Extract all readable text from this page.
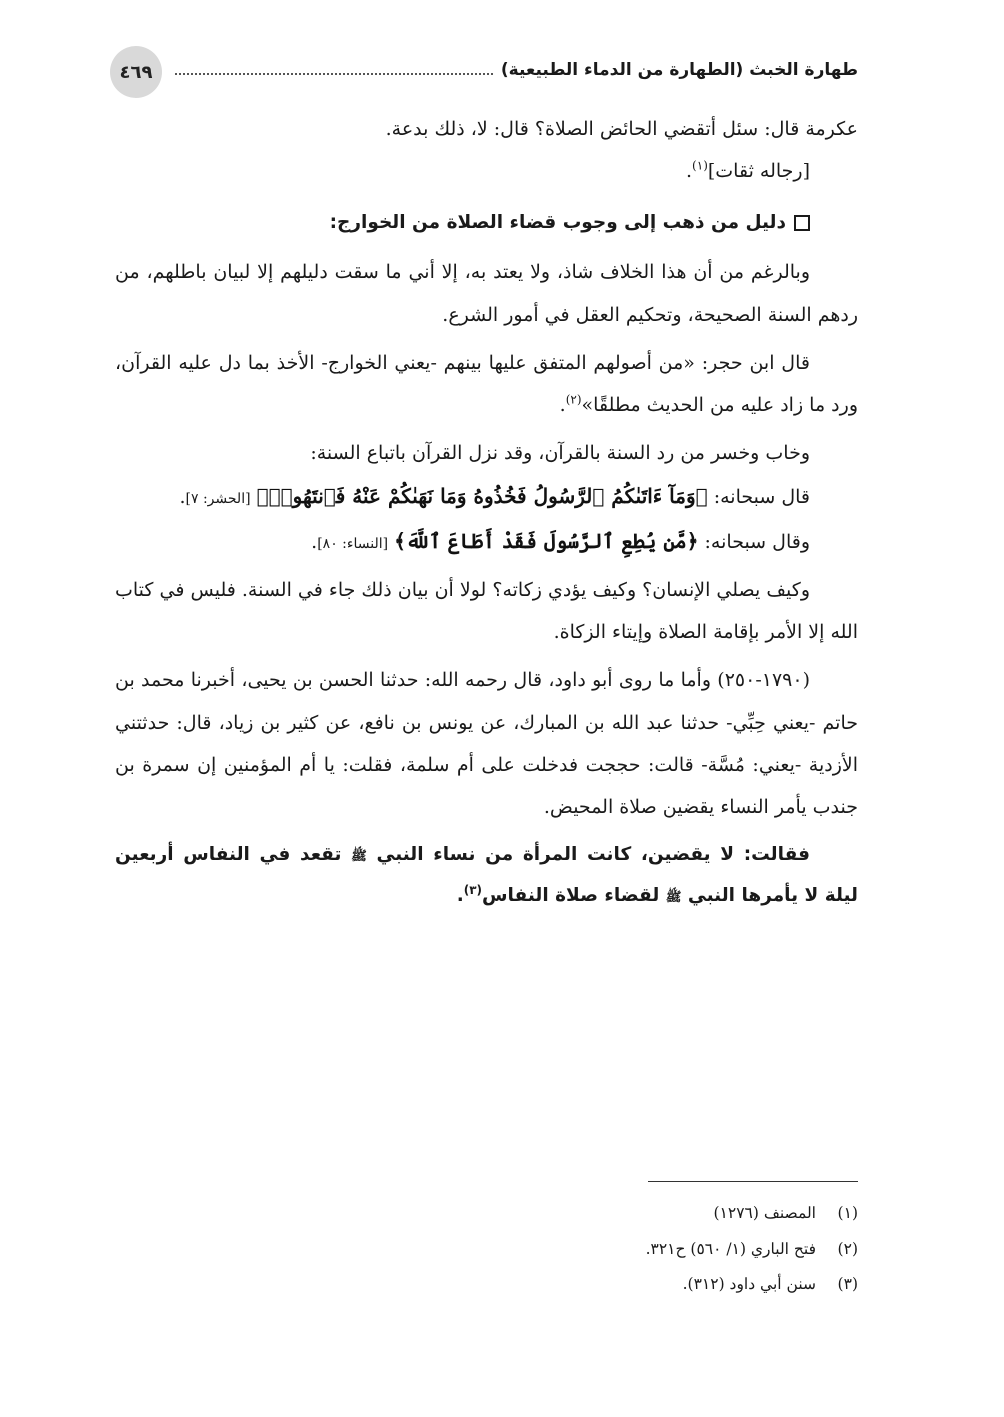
٤٦٩	طهارة الخبث (الطهارة من الدماء الطبيعية)

عكرمة قال: سئل أتقضي الحائض الصلاة؟ قال: لا، ذلك بدعة.

[رجاله ثقات]$^{(١)}$.

دليل من ذهب إلى وجوب قضاء الصلاة من الخوارج:

وبالرغم من أن هذا الخلاف شاذ، ولا يعتد به، إلا أني ما سقت دليلهم إلا لبيان باطلهم، من ردهم السنة الصحيحة، وتحكيم العقل في أمور الشرع.

قال ابن حجر: «من أصولهم المتفق عليها بينهم -يعني الخوارج- الأخذ بما دل عليه القرآن، ورد ما زاد عليه من الحديث مطلقًا»$^{(٢)}$.

وخاب وخسر من رد السنة بالقرآن، وقد نزل القرآن باتباع السنة:

قال سبحانه: ﴿وَمَآ ءَاتَىٰكُمُ ٱلرَّسُولُ فَخُذُوهُ وَمَا نَهَىٰكُمْ عَنْهُ فَٱنتَهُوا۟﴾ [الحشر: ٧].

وقال سبحانه: ﴿مَّن يُطِعِ ٱلرَّسُولَ فَقَدْ أَطَاعَ ٱللَّهَ﴾ [النساء: ٨٠].

وكيف يصلي الإنسان؟ وكيف يؤدي زكاته؟ لولا أن بيان ذلك جاء في السنة. فليس في كتاب الله إلا الأمر بإقامة الصلاة وإيتاء الزكاة.

(١٧٩٠-٢٥٠) وأما ما روى أبو داود، قال رحمه الله: حدثنا الحسن بن يحيى، أخبرنا محمد بن حاتم -يعني حِبِّي- حدثنا عبد الله بن المبارك، عن يونس بن نافع، عن كثير بن زياد، قال: حدثتني الأزدية -يعني: مُسَّة- قالت: حججت فدخلت على أم سلمة، فقلت: يا أم المؤمنين إن سمرة بن جندب يأمر النساء يقضين صلاة المحيض.

فقالت: لا يقضين، كانت المرأة من نساء النبي ﷺ تقعد في النفاس أربعين ليلة لا يأمرها النبي ﷺ لقضاء صلاة النفاس$^{(٣)}$.

(١)
المصنف (١٢٧٦)
(٢)
فتح الباري (١/ ٥٦٠) ح٣٢١.
(٣)
سنن أبي داود (٣١٢).
